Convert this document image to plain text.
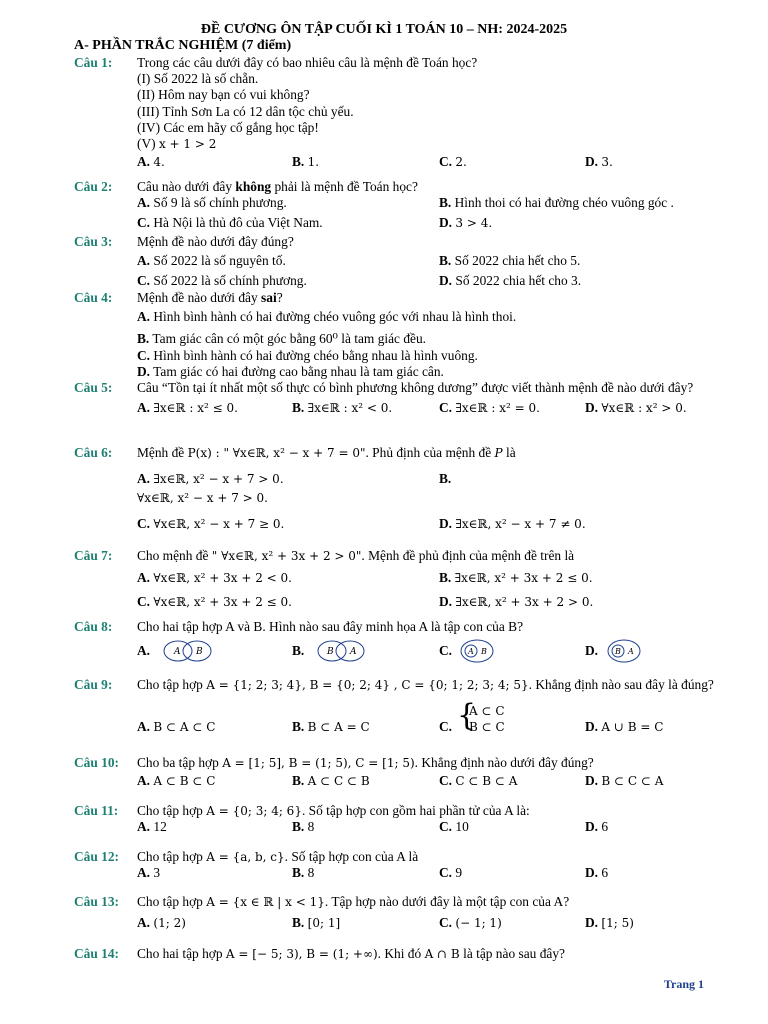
ĐỀ CƯƠNG ÔN TẬP CUỐI KÌ 1 TOÁN 10 – NH: 2024-2025
A- PHẦN TRẮC NGHIỆM (7 điểm)
Câu 1:	Trong các câu dưới đây có bao nhiêu câu là mệnh đề Toán học?
(I) Số 2022 là số chẵn.
(II) Hôm nay bạn có vui không?
(III) Tỉnh Sơn La có 12 dân tộc chủ yếu.
(IV) Các em hãy cố gắng học tập!
(V) x + 1 > 2
A. 4.	B. 1.	C. 2.	D. 3.
Câu 2:	Câu nào dưới đây không phải là mệnh đề Toán học?
A. Số 9 là số chính phương.	B. Hình thoi có hai đường chéo vuông góc .
C. Hà Nội là thủ đô của Việt Nam.	D. 3 > 4.
Câu 3:	Mệnh đề nào dưới đây đúng?
A. Số 2022 là số nguyên tố.	B. Số 2022 chia hết cho 5.
C. Số 2022 là số chính phương.	D. Số 2022 chia hết cho 3.
Câu 4:	Mệnh đề nào dưới đây sai?
A. Hình bình hành có hai đường chéo vuông góc với nhau là hình thoi.
B. Tam giác cân có một góc bằng 60⁰ là tam giác đều.
C. Hình bình hành có hai đường chéo bằng nhau là hình vuông.
D. Tam giác có hai đường cao bằng nhau là tam giác cân.
Câu 5:	Câu “Tồn tại ít nhất một số thực có bình phương không dương” được viết thành mệnh đề nào dưới đây?
A. ∃x∈ℝ : x² ≤ 0.	B. ∃x∈ℝ : x² < 0.	C. ∃x∈ℝ : x² = 0.	D. ∀x∈ℝ : x² > 0.
Câu 6:	Mệnh đề P(x) : " ∀x∈ℝ, x² − x + 7 = 0". Phủ định của mệnh đề P là
A. ∃x∈ℝ, x² − x + 7 > 0.	B.
∀x∈ℝ, x² − x + 7 > 0.
C. ∀x∈ℝ, x² − x + 7 ≥ 0.	D. ∃x∈ℝ, x² − x + 7 ≠ 0.
Câu 7:	Cho mệnh đề " ∀x∈ℝ, x² + 3x + 2 > 0". Mệnh đề phủ định của mệnh đề trên là
A. ∀x∈ℝ, x² + 3x + 2 < 0.	B. ∃x∈ℝ, x² + 3x + 2 ≤ 0.
C. ∀x∈ℝ, x² + 3x + 2 ≤ 0.	D. ∃x∈ℝ, x² + 3x + 2 > 0.
Câu 8:	Cho hai tập hợp A và B. Hình nào sau đây minh họa A là tập con của B?
A.	A B	B.	B A	C. A B	D. B A
Câu 9:	Cho tập hợp A = {1; 2; 3; 4}, B = {0; 2; 4} , C = {0; 1; 2; 3; 4; 5}. Khẳng định nào sau đây là đúng?
A. B ⊂ A ⊂ C	B. B ⊂ A = C	C. {
A ⊂ C
B ⊂ C	D. A ∪ B = C
Câu 10:	Cho ba tập hợp A = [1; 5], B = (1; 5), C = [1; 5). Khẳng định nào dưới đây đúng?
A. A ⊂ B ⊂ C	B. A ⊂ C ⊂ B	C. C ⊂ B ⊂ A	D. B ⊂ C ⊂ A
Câu 11:	Cho tập hợp A = {0; 3; 4; 6}. Số tập hợp con gồm hai phần tử của A là:
A. 12	B. 8	C. 10	D. 6
Câu 12:	Cho tập hợp A = {a, b, c}. Số tập hợp con của A là
A. 3	B. 8	C. 9	D. 6
Câu 13:	Cho tập hợp A = {x ∈ ℝ | x < 1}. Tập hợp nào dưới đây là một tập con của A?
A. (1; 2)	B. [0; 1]	C. (− 1; 1)	D. [1; 5)
Câu 14:	Cho hai tập hợp A = [− 5; 3), B = (1; +∞). Khi đó A ∩ B là tập nào sau đây?
Trang 1
